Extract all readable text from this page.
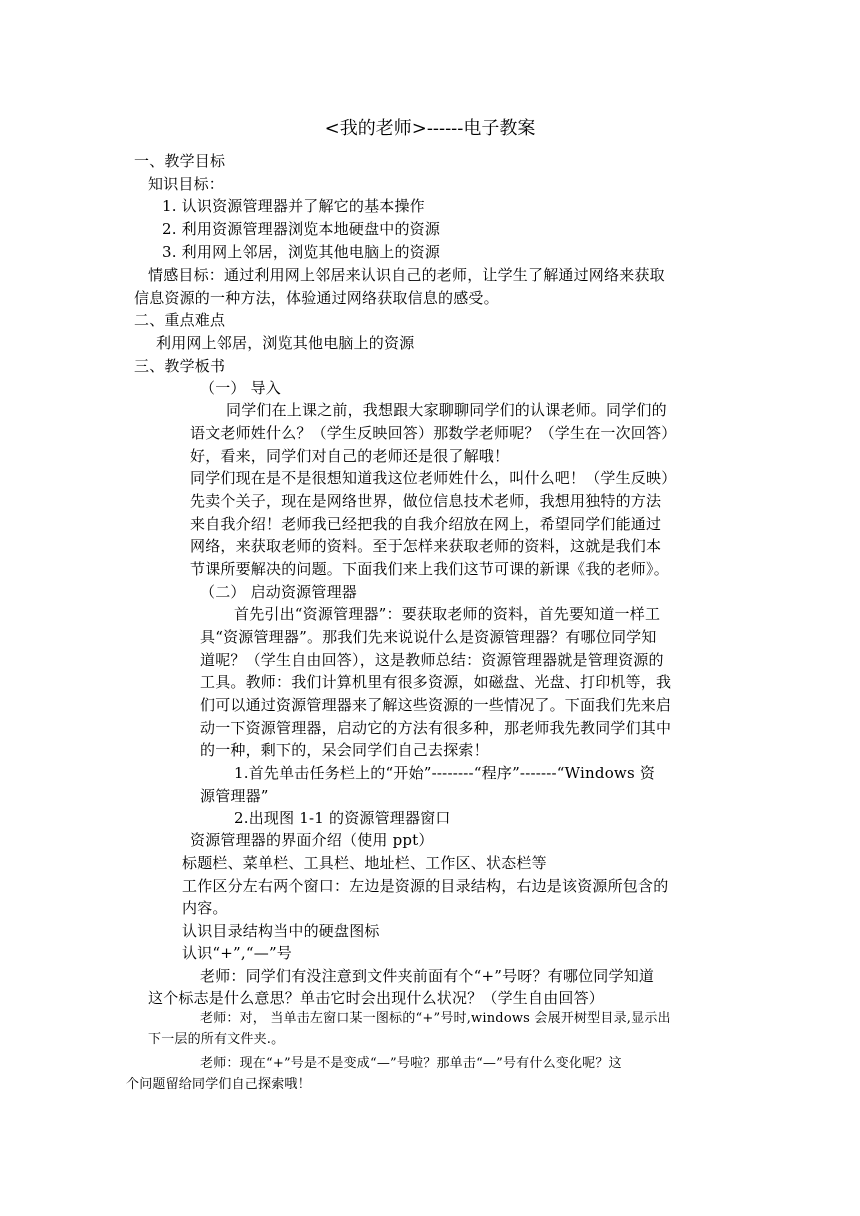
<我的老师>------电子教案
一、教学目标
知识目标：
1. 认识资源管理器并了解它的基本操作
2. 利用资源管理器浏览本地硬盘中的资源
3. 利用网上邻居，浏览其他电脑上的资源
情感目标：通过利用网上邻居来认识自己的老师，让学生了解通过网络来获取
信息资源的一种方法，体验通过网络获取信息的感受。
二、重点难点
利用网上邻居，浏览其他电脑上的资源
三、教学板书
（一） 导入
同学们在上课之前，我想跟大家聊聊同学们的认课老师。同学们的
语文老师姓什么？（学生反映回答）那数学老师呢？（学生在一次回答）
好，看来，同学们对自己的老师还是很了解哦！
同学们现在是不是很想知道我这位老师姓什么，叫什么吧！（学生反映）
先卖个关子，现在是网络世界，做位信息技术老师，我想用独特的方法
来自我介绍！老师我已经把我的自我介绍放在网上，希望同学们能通过
网络，来获取老师的资料。至于怎样来获取老师的资料，这就是我们本
节课所要解决的问题。下面我们来上我们这节可课的新课《我的老师》。
（二） 启动资源管理器
首先引出“资源管理器”：要获取老师的资料，首先要知道一样工
具“资源管理器”。那我们先来说说什么是资源管理器？有哪位同学知
道呢？（学生自由回答），这是教师总结：资源管理器就是管理资源的
工具。教师：我们计算机里有很多资源，如磁盘、光盘、打印机等，我
们可以通过资源管理器来了解这些资源的一些情况了。下面我们先来启
动一下资源管理器，启动它的方法有很多种，那老师我先教同学们其中
的一种，剩下的，呆会同学们自己去探索！
1.首先单击任务栏上的“开始”--------“程序”-------“Windows 资
源管理器”
2.出现图 1-1 的资源管理器窗口
资源管理器的界面介绍（使用 ppt）
标题栏、菜单栏、工具栏、地址栏、工作区、状态栏等
工作区分左右两个窗口：左边是资源的目录结构，右边是该资源所包含的
内容。
认识目录结构当中的硬盘图标
认识“+”,“—”号
老师：同学们有没注意到文件夹前面有个“+”号呀？有哪位同学知道
这个标志是什么意思？单击它时会出现什么状况？（学生自由回答）
老师：对， 当单击左窗口某一图标的“+”号时,windows 会展开树型目录,显示出
下一层的所有文件夹.。
老师：现在“+”号是不是变成“—”号啦？那单击“—”号有什么变化呢？这
个问题留给同学们自己探索哦！
